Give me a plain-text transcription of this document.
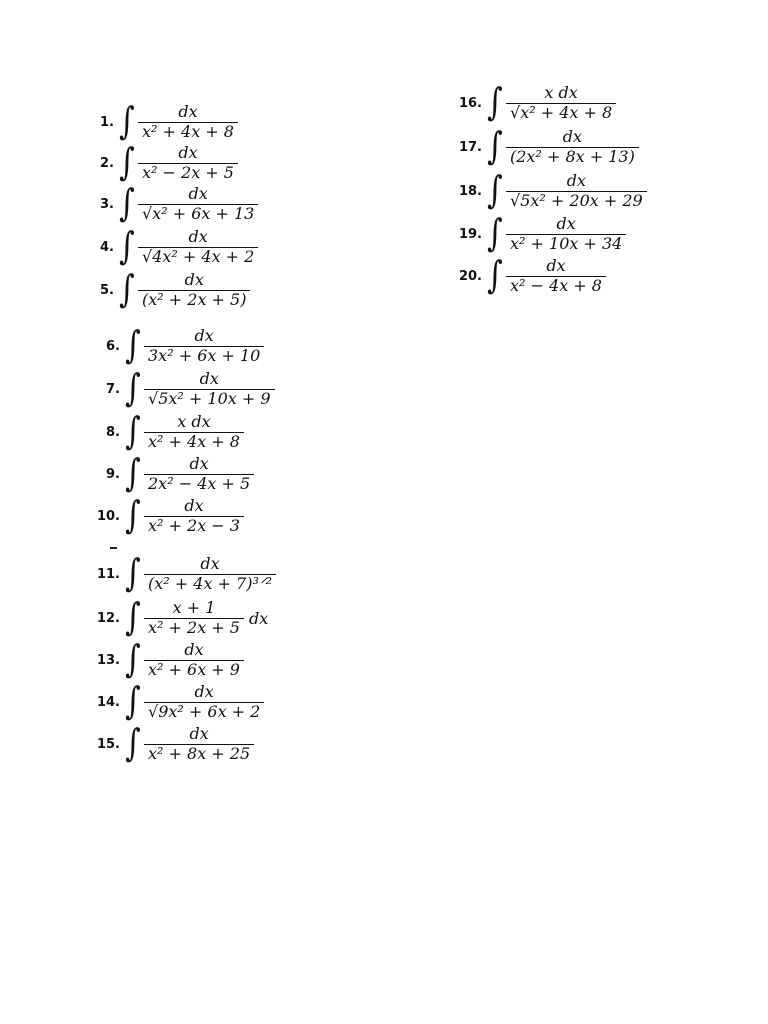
1. ∫ $\frac{dx}{\text{x² + 4x + 8}}$
2. ∫ $\frac{dx}{\text{x² − 2x + 5}}$
3. ∫ $\frac{dx}{\text{√x² + 6x + 13}}$
4. ∫ $\frac{dx}{\text{√4x² + 4x + 2}}$
5. ∫ $\frac{dx}{\text{(x² + 2x + 5)}}$
6. ∫ $\frac{dx}{\text{3x² + 6x + 10}}$
7. ∫ $\frac{dx}{\text{√5x² + 10x + 9}}$
8. ∫ $\frac{\text{x dx}}{\text{x² + 4x + 8}}$
9. ∫ $\frac{dx}{\text{2x² − 4x + 5}}$
10. ∫ $\frac{dx}{\text{x² + 2x − 3}}$
11. ∫ $\frac{dx}{\text{(x² + 4x + 7)³ᐟ²}}$
12. ∫ $\frac{x + 1}{\text{x² + 2x + 5}}$ dx
13. ∫ $\frac{dx}{\text{x² + 6x + 9}}$
14. ∫ $\frac{dx}{\text{√9x² + 6x + 2}}$
15. ∫ $\frac{dx}{\text{x² + 8x + 25}}$
16. ∫ $\frac{\text{x dx}}{\text{√x² + 4x + 8}}$
17. ∫ $\frac{dx}{\text{(2x² + 8x + 13)}}$
18. ∫ $\frac{dx}{\text{√5x² + 20x + 29}}$
19. ∫ $\frac{dx}{\text{x² + 10x + 34}}$
20. ∫ $\frac{dx}{\text{x² − 4x + 8}}$
